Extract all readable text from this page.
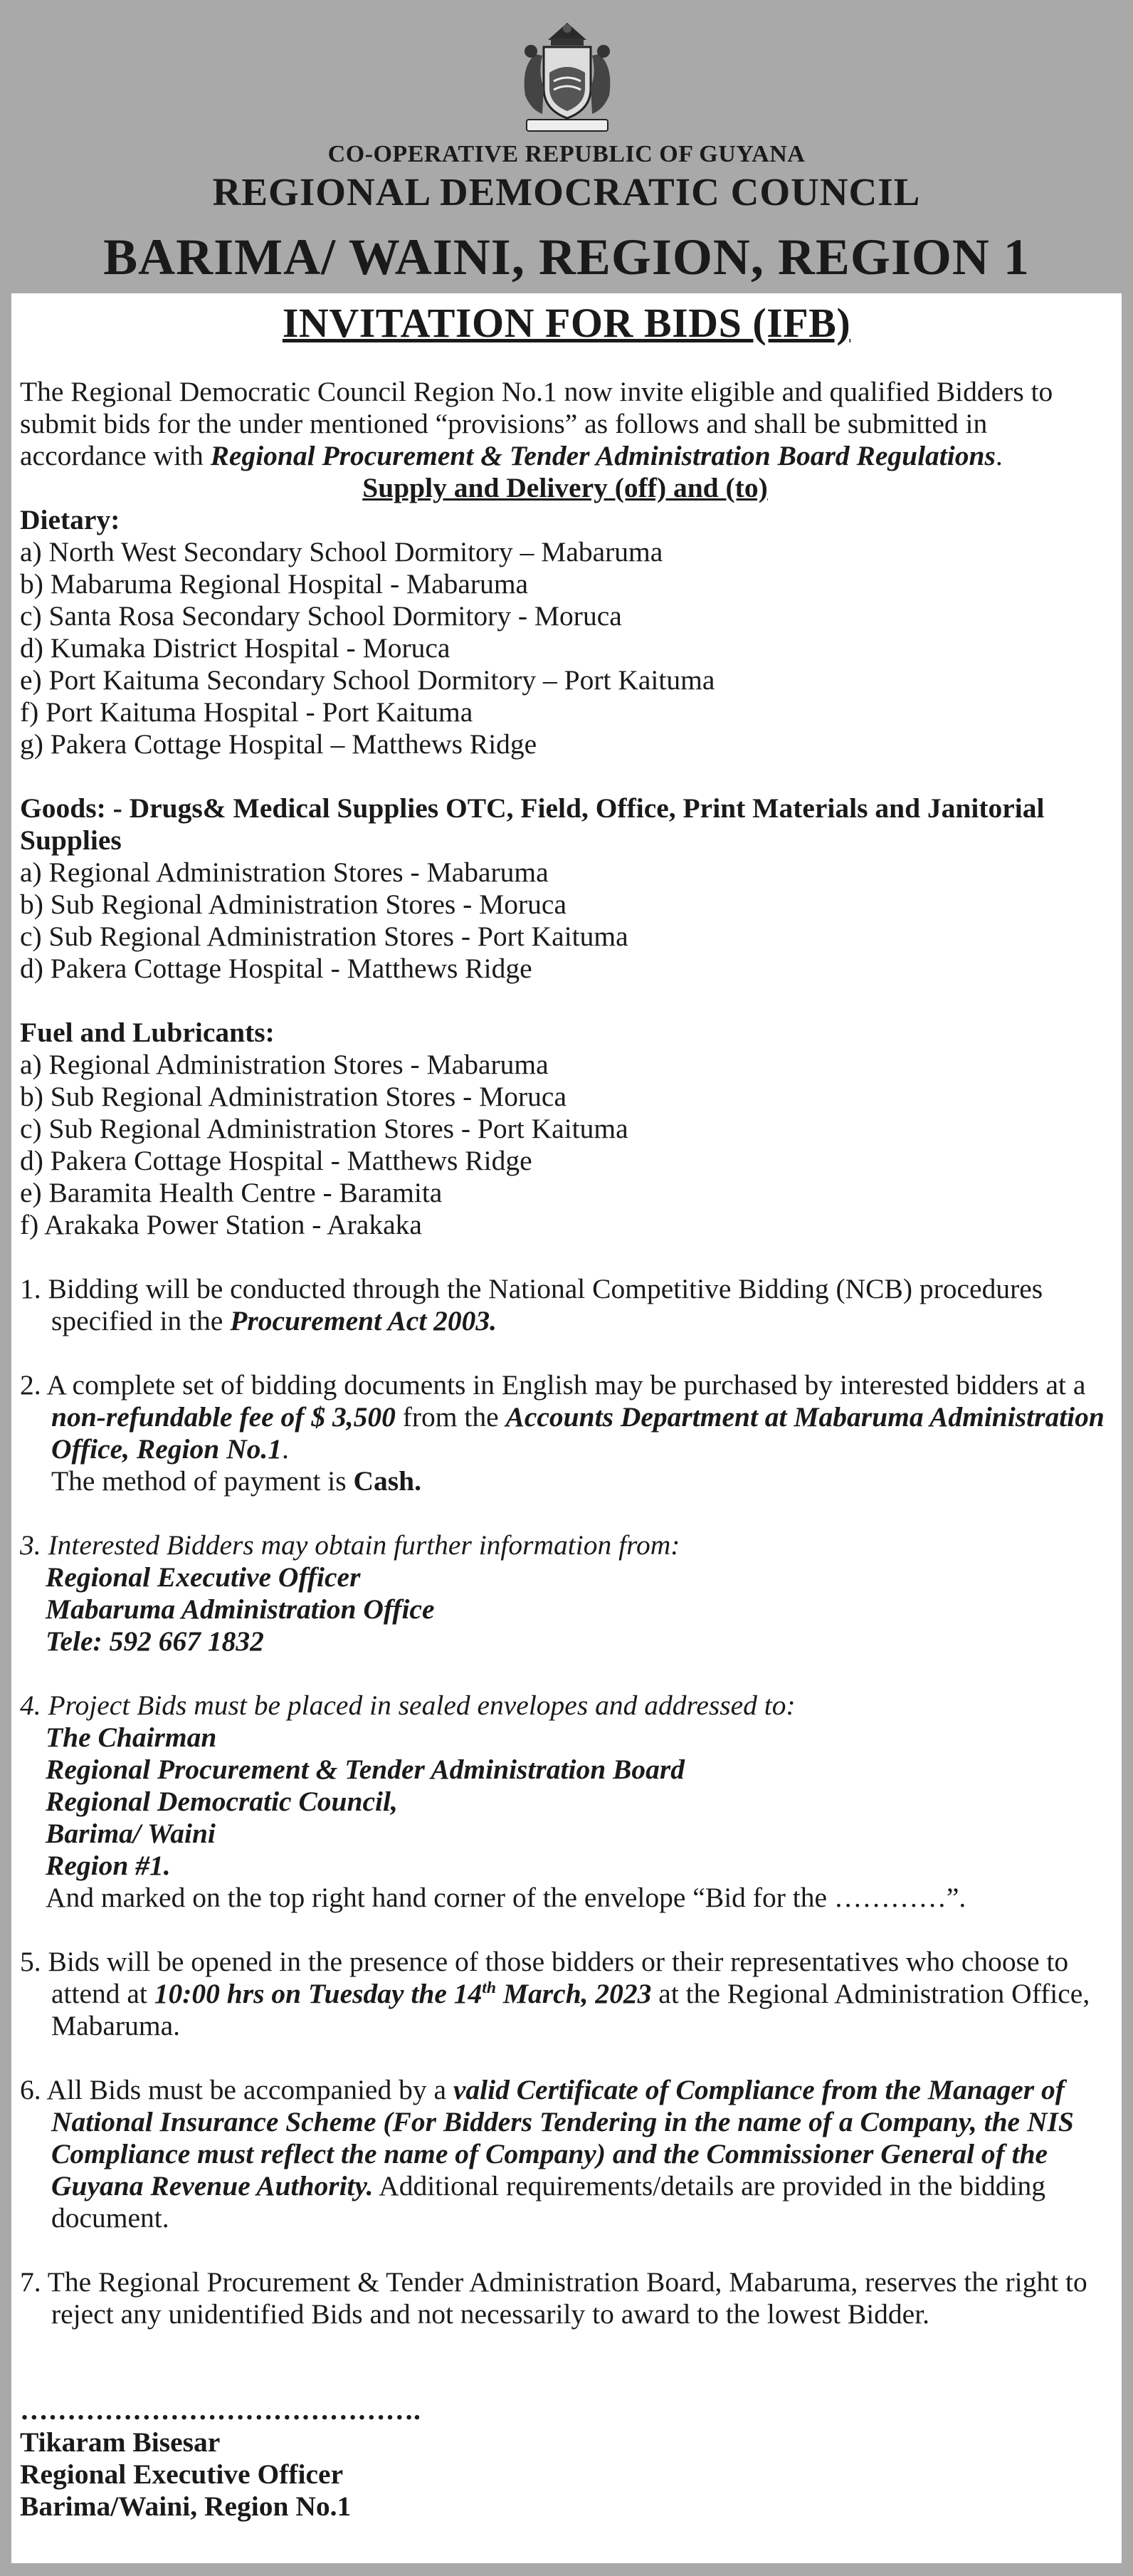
CO-OPERATIVE REPUBLIC OF GUYANA
REGIONAL DEMOCRATIC COUNCIL
BARIMA/ WAINI, REGION, REGION 1
INVITATION FOR BIDS (IFB)

The Regional Democratic Council Region No.1 now invite eligible and qualified Bidders to submit bids for the under mentioned “provisions” as follows and shall be submitted in accordance with Regional Procurement & Tender Administration Board Regulations.

Supply and Delivery (off) and (to)

Dietary:

a) North West Secondary School Dormitory – Mabaruma

b) Mabaruma Regional Hospital - Mabaruma

c) Santa Rosa Secondary School Dormitory - Moruca

d) Kumaka District Hospital - Moruca

e) Port Kaituma Secondary School Dormitory – Port Kaituma

f) Port Kaituma Hospital - Port Kaituma

g) Pakera Cottage Hospital – Matthews Ridge

Goods: - Drugs& Medical Supplies OTC, Field, Office, Print Materials and Janitorial Supplies

a) Regional Administration Stores - Mabaruma

b) Sub Regional Administration Stores - Moruca

c) Sub Regional Administration Stores - Port Kaituma

d) Pakera Cottage Hospital - Matthews Ridge

Fuel and Lubricants:

a) Regional Administration Stores - Mabaruma

b) Sub Regional Administration Stores - Moruca

c) Sub Regional Administration Stores - Port Kaituma

d) Pakera Cottage Hospital - Matthews Ridge

e) Baramita Health Centre - Baramita

f) Arakaka Power Station - Arakaka

1. Bidding will be conducted through the National Competitive Bidding (NCB) procedures specified in the Procurement Act 2003.

2. A complete set of bidding documents in English may be purchased by interested bidders at a non-refundable fee of $ 3,500 from the Accounts Department at Mabaruma Administration Office, Region No.1.

The method of payment is Cash.

3. Interested Bidders may obtain further information from:

Regional Executive Officer

Mabaruma Administration Office

Tele: 592 667 1832

4. Project Bids must be placed in sealed envelopes and addressed to:

The Chairman

Regional Procurement & Tender Administration Board

Regional Democratic Council,

Barima/ Waini

Region #1.

And marked on the top right hand corner of the envelope “Bid for the …………”.

5. Bids will be opened in the presence of those bidders or their representatives who choose to attend at 10:00 hrs on Tuesday the 14th March, 2023 at the Regional Administration Office, Mabaruma.

6. All Bids must be accompanied by a valid Certificate of Compliance from the Manager of National Insurance Scheme (For Bidders Tendering in the name of a Company, the NIS Compliance must reflect the name of Company) and the Commissioner General of the Guyana Revenue Authority. Additional requirements/details are provided in the bidding document.

7. The Regional Procurement & Tender Administration Board, Mabaruma, reserves the right to reject any unidentified Bids and not necessarily to award to the lowest Bidder.

…………………………………….

Tikaram Bisesar

Regional Executive Officer

Barima/Waini, Region No.1
